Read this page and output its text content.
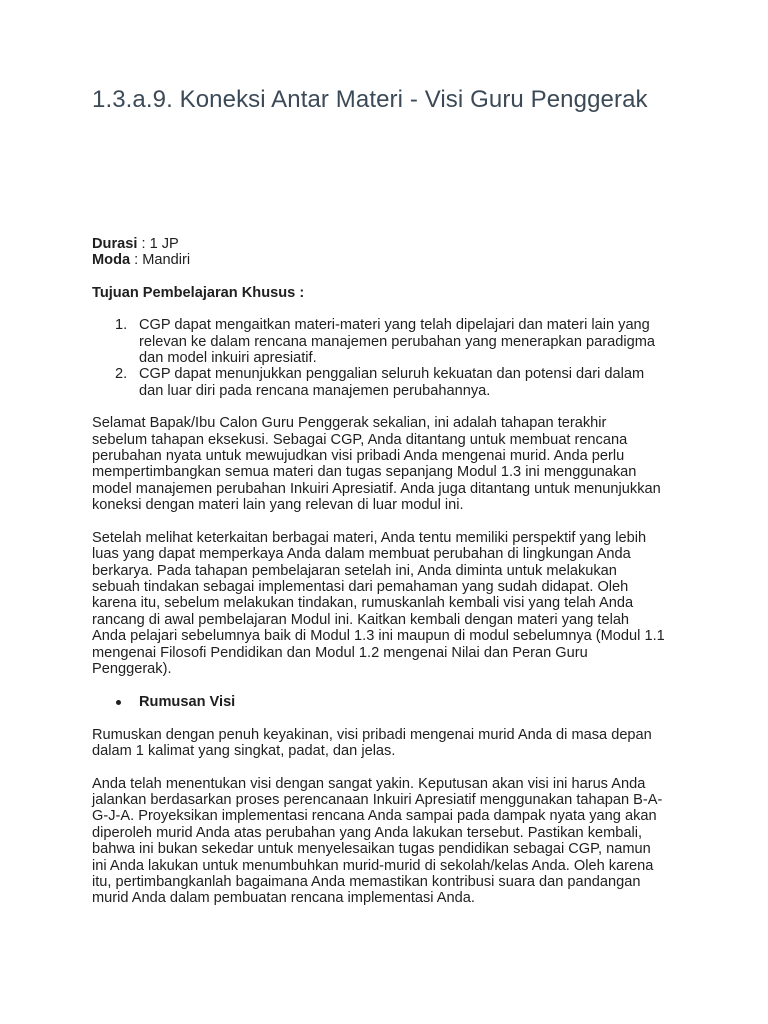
1.3.a.9. Koneksi Antar Materi - Visi Guru Penggerak

Durasi : 1 JP

Moda : Mandiri

Tujuan Pembelajaran Khusus :

1. CGP dapat mengaitkan materi-materi yang telah dipelajari dan materi lain yang
relevan ke dalam rencana manajemen perubahan yang menerapkan paradigma
dan model inkuiri apresiatif.
2. CGP dapat menunjukkan penggalian seluruh kekuatan dan potensi dari dalam
dan luar diri pada rencana manajemen perubahannya.

Selamat Bapak/Ibu Calon Guru Penggerak sekalian, ini adalah tahapan terakhir
sebelum tahapan eksekusi. Sebagai CGP, Anda ditantang untuk membuat rencana
perubahan nyata untuk mewujudkan visi pribadi Anda mengenai murid. Anda perlu
mempertimbangkan semua materi dan tugas sepanjang Modul 1.3 ini menggunakan
model manajemen perubahan Inkuiri Apresiatif. Anda juga ditantang untuk menunjukkan
koneksi dengan materi lain yang relevan di luar modul ini.

Setelah melihat keterkaitan berbagai materi, Anda tentu memiliki perspektif yang lebih
luas yang dapat memperkaya Anda dalam membuat perubahan di lingkungan Anda
berkarya. Pada tahapan pembelajaran setelah ini, Anda diminta untuk melakukan
sebuah tindakan sebagai implementasi dari pemahaman yang sudah didapat. Oleh
karena itu, sebelum melakukan tindakan, rumuskanlah kembali visi yang telah Anda
rancang di awal pembelajaran Modul ini. Kaitkan kembali dengan materi yang telah
Anda pelajari sebelumnya baik di Modul 1.3 ini maupun di modul sebelumnya (Modul 1.1
mengenai Filosofi Pendidikan dan Modul 1.2 mengenai Nilai dan Peran Guru
Penggerak).

Rumusan Visi

Rumuskan dengan penuh keyakinan, visi pribadi mengenai murid Anda di masa depan
dalam 1 kalimat yang singkat, padat, dan jelas.

Anda telah menentukan visi dengan sangat yakin. Keputusan akan visi ini harus Anda
jalankan berdasarkan proses perencanaan Inkuiri Apresiatif menggunakan tahapan B-A-
G-J-A. Proyeksikan implementasi rencana Anda sampai pada dampak nyata yang akan
diperoleh murid Anda atas perubahan yang Anda lakukan tersebut. Pastikan kembali,
bahwa ini bukan sekedar untuk menyelesaikan tugas pendidikan sebagai CGP, namun
ini Anda lakukan untuk menumbuhkan murid-murid di sekolah/kelas Anda. Oleh karena
itu, pertimbangkanlah bagaimana Anda memastikan kontribusi suara dan pandangan
murid Anda dalam pembuatan rencana implementasi Anda.
